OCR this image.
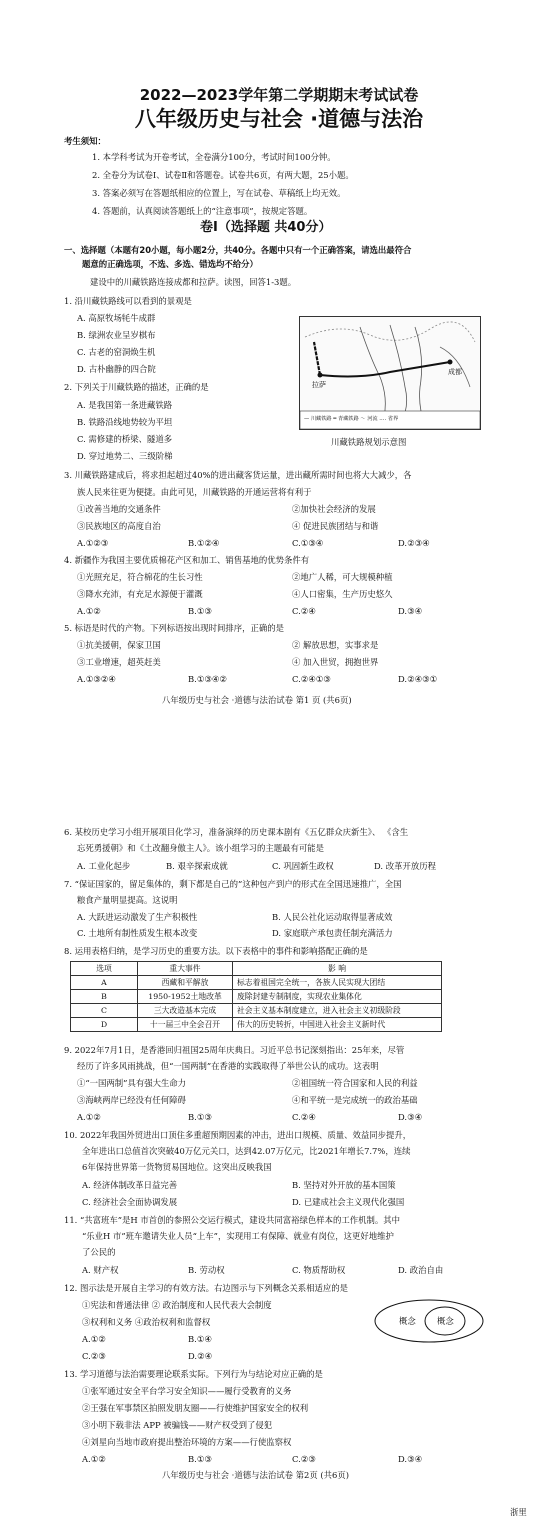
2022—2023学年第二学期期末考试试卷
八年级历史与社会 ·道德与法治
考生须知：
1. 本学科考试为开卷考试，全卷满分100分，考试时间100分钟。
2. 全卷分为试卷Ⅰ、试卷Ⅱ和答题卷。试卷共6页，有两大题，25小题。
3. 答案必须写在答题纸相应的位置上，写在试卷、草稿纸上均无效。
4. 答题前，认真阅读答题纸上的“注意事项”，按规定答题。
卷Ⅰ（选择题 共40分）
一、选择题（本题有20小题，每小题2分，共40分。各题中只有一个正确答案，请选出最符合
题意的正确选项，不选、多选、错选均不给分）
建设中的川藏铁路连接成都和拉萨。读图，回答1-3题。
1. 沿川藏铁路线可以看到的景观是
A. 高原牧场牦牛成群
B. 绿洲农业呈岁棋布
C. 古老的窑洞焕生机
D. 古朴幽静的四合院
2. 下列关于川藏铁路的描述，正确的是
A. 是我国第一条进藏铁路
B. 铁路沿线地势较为平坦
C. 需修建的桥梁、隧道多
D. 穿过地势二、三级阶梯
拉萨
成都
— 川藏铁路 ━ 青藏铁路 ～ 河流 ‥‥ 省界
川藏铁路规划示意图
3. 川藏铁路建成后，将求担起超过40%的进出藏客货运量，进出藏所需时间也将大大减少，各
族人民来往更为便捷。由此可见，川藏铁路的开通运营将有利于
①改善当地的交通条件	②加快社会经济的发展
③民族地区的高度自治	④ 促进民族团结与和谐
A.①②③	B.①②④	C.①③④	D.②③④
4. 新疆作为我国主要优质棉花产区和加工、销售基地的优势条件有
①光照充足，符合棉花的生长习性	②地广人稀，可大规模种植
③降水充沛，有充足水源便于灌溉	④人口密集，生产历史悠久
A.①②	B.①③	C.②④	D.③④
5. 标语是时代的产物。下列标语按出现时间排序，正确的是
①抗美援朝，保家卫国	② 解放思想，实事求是
③工业增速，超英赶美	④ 加入世贸，拥抱世界
A.①③②④	B.①③④②	C.②④①③	D.②④③①
八年级历史与社会 ·道德与法治试卷 第1 页 (共6页)
6. 某校历史学习小组开展项目化学习，准备演绎的历史课本剧有《五亿群众庆新生》、 《含生
忘死勇援朝》和《土改翻身傲主人》。该小组学习的主题最有可能是
A. 工业化起步	B. 艰辛探索成就	C. 巩固新生政权	D. 改革开放历程
7. “保证国家的，留足集体的，剩下都是自己的”这种包产到户的形式在全国迅速推广，全国
粮食产量明显提高。这说明
A. 大跃进运动激发了生产积极性	B. 人民公社化运动取得显著成效
C. 土地所有制性质发生根本改变	D. 家庭联产承包责任制充满活力
8. 运用表格归纳，是学习历史的重要方法。以下表格中的事件和影响搭配正确的是
选项	重大事件	影 响
A	西藏和平解放	标志着祖国完全统一，各族人民实现大团结
B	1950-1952土地改革	废除封建专制制度，实现农业集体化
C	三大改造基本完成	社会主义基本制度建立，进入社会主义初级阶段
D	十一届三中全会召开	伟大的历史转折，中国进入社会主义新时代
9. 2022年7月1日，是香港回归祖国25周年庆典日。习近平总书记深刻指出：25年来，尽管
经历了许多风雨挑战，但“一国两制”在香港的实践取得了举世公认的成功。这表明
①“一国两制”具有强大生命力	②祖国统一符合国家和人民的利益
③海峡两岸已经没有任何障碍	④和平统一是完成统一的政治基础
A.①②	B.①③	C.②④	D.③④
10. 2022年我国外贸进出口顶住多重超预期因素的冲击，进出口规模、质量、效益同步提升，
全年进出口总值首次突破40万亿元关口，达到42.07万亿元，比2021年增长7.7%，连续
6年保持世界第一货物贸易国地位。这突出反映我国
A. 经济体制改革日益完善	B. 坚持对外开放的基本国策
C. 经济社会全面协调发展	D. 已建成社会主义现代化强国
11. “共富班车”是H 市首创的参照公交运行模式，建设共同富裕绿色样本的工作机制。其中
“乐业H 市”班车邀请失业人员“上车”，实现用工有保障、就业有岗位，这更好地维护
了公民的
A. 财产权	B. 劳动权	C. 物质帮助权	D. 政治自由
12. 图示法是开展自主学习的有效方法。右边图示与下列概念关系相适应的是
①宪法和普通法律 ② 政治制度和人民代表大会制度
③权利和义务 ④政治权利和监督权
A.①②	B.①④
C.②③	D.②④
概念	概念
13. 学习道德与法治需要理论联系实际。下列行为与结论对应正确的是
①张军通过安全平台学习安全知识——履行受教育的义务
②王强在军事禁区拍照发朋友圈——行使维护国家安全的权利
③小明下载非法 APP 被骗钱——财产权受到了侵犯
④刘星向当地市政府提出整治环境的方案——行使监察权
A.①②	B.①③	C.②③	D.③④
八年级历史与社会 ·道德与法治试卷 第2页 (共6页)
浙里
